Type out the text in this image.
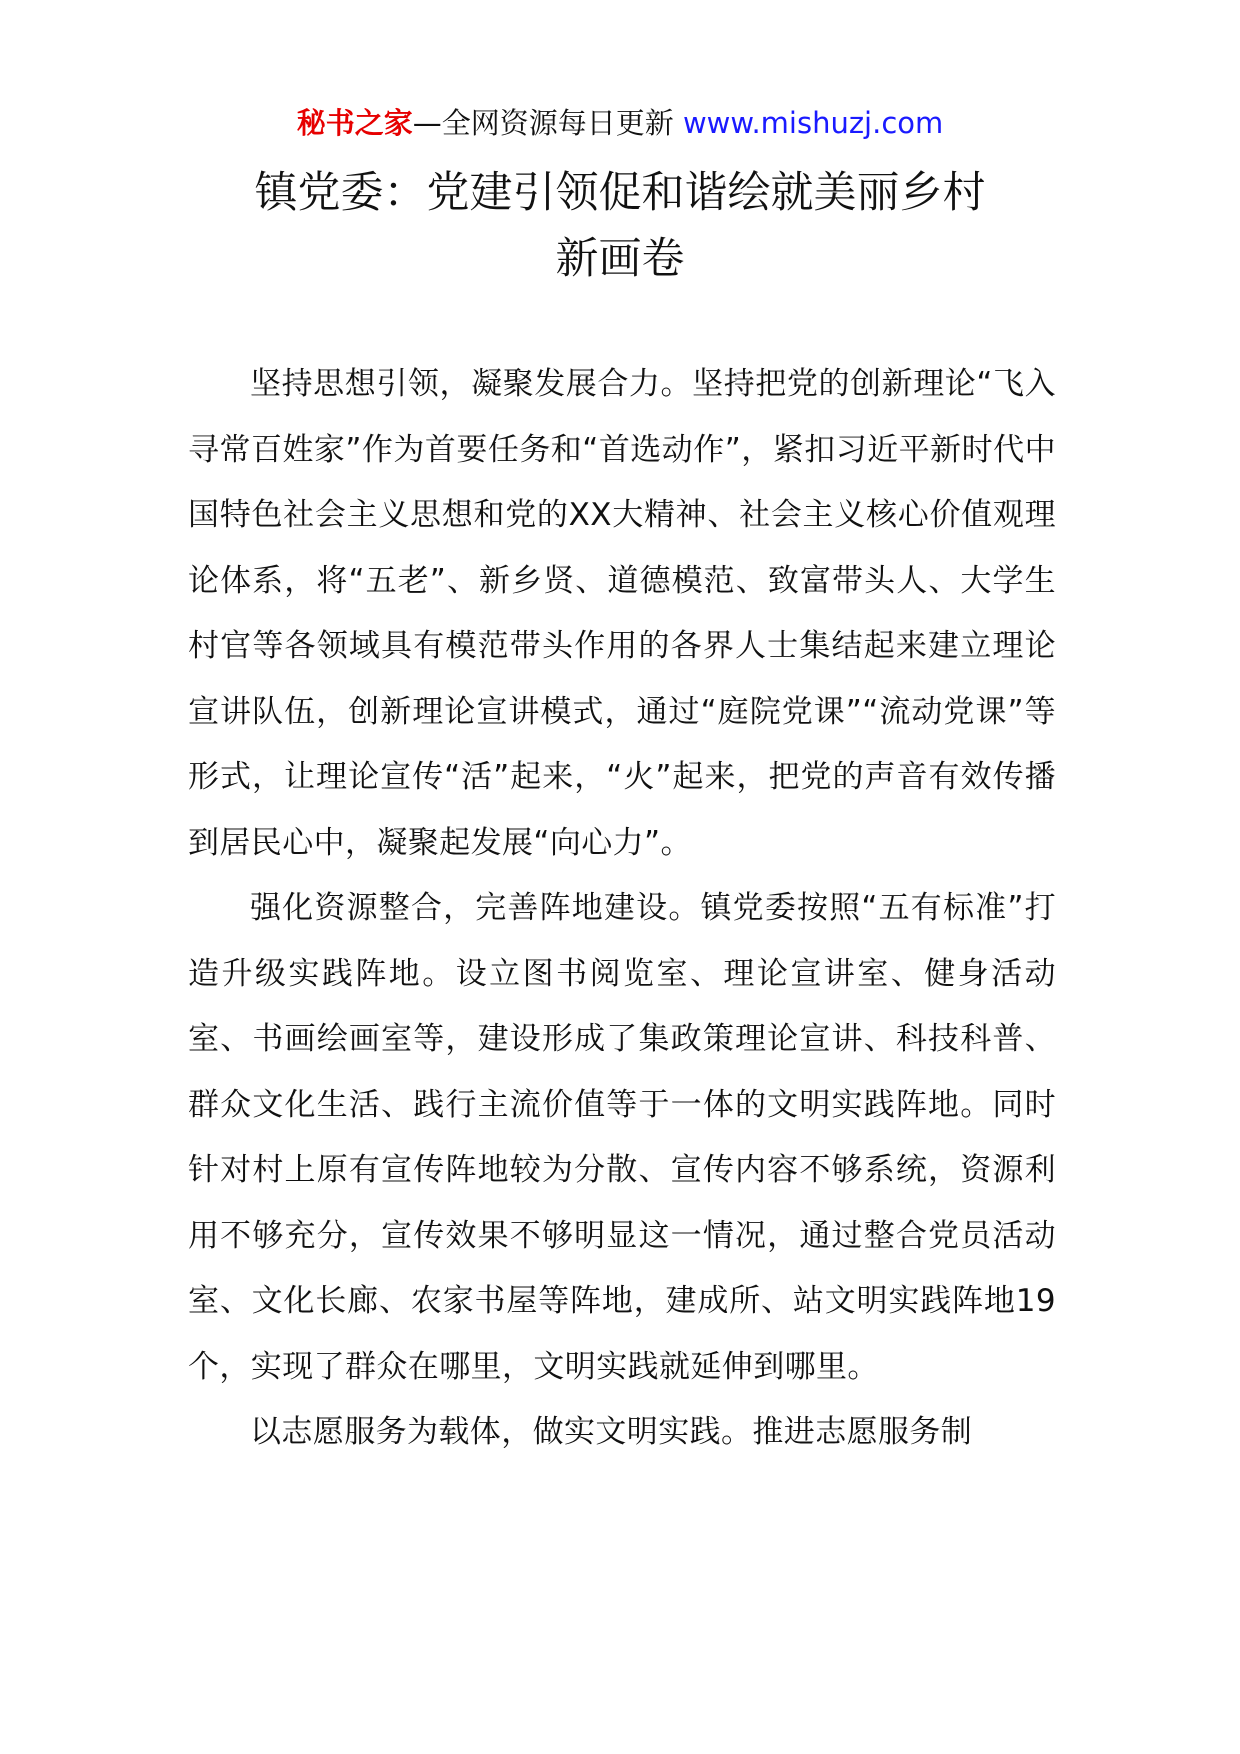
秘书之家—全网资源每日更新 www.mishuzj.com
镇党委：党建引领促和谐绘就美丽乡村
新画卷

坚持思想引领，凝聚发展合力。坚持把党的创新理论“飞入寻常百姓家”作为首要任务和“首选动作”，紧扣习近平新时代中国特色社会主义思想和党的XX大精神、社会主义核心价值观理论体系，将“五老”、新乡贤、道德模范、致富带头人、大学生村官等各领域具有模范带头作用的各界人士集结起来建立理论宣讲队伍，创新理论宣讲模式，通过“庭院党课”“流动党课”等形式，让理论宣传“活”起来，“火”起来，把党的声音有效传播到居民心中，凝聚起发展“向心力”。

强化资源整合，完善阵地建设。镇党委按照“五有标准”打造升级实践阵地。设立图书阅览室、理论宣讲室、健身活动室、书画绘画室等，建设形成了集政策理论宣讲、科技科普、群众文化生活、践行主流价值等于一体的文明实践阵地。同时针对村上原有宣传阵地较为分散、宣传内容不够系统，资源利用不够充分，宣传效果不够明显这一情况，通过整合党员活动室、文化长廊、农家书屋等阵地，建成所、站文明实践阵地19个，实现了群众在哪里，文明实践就延伸到哪里。

以志愿服务为载体，做实文明实践。推进志愿服务制
